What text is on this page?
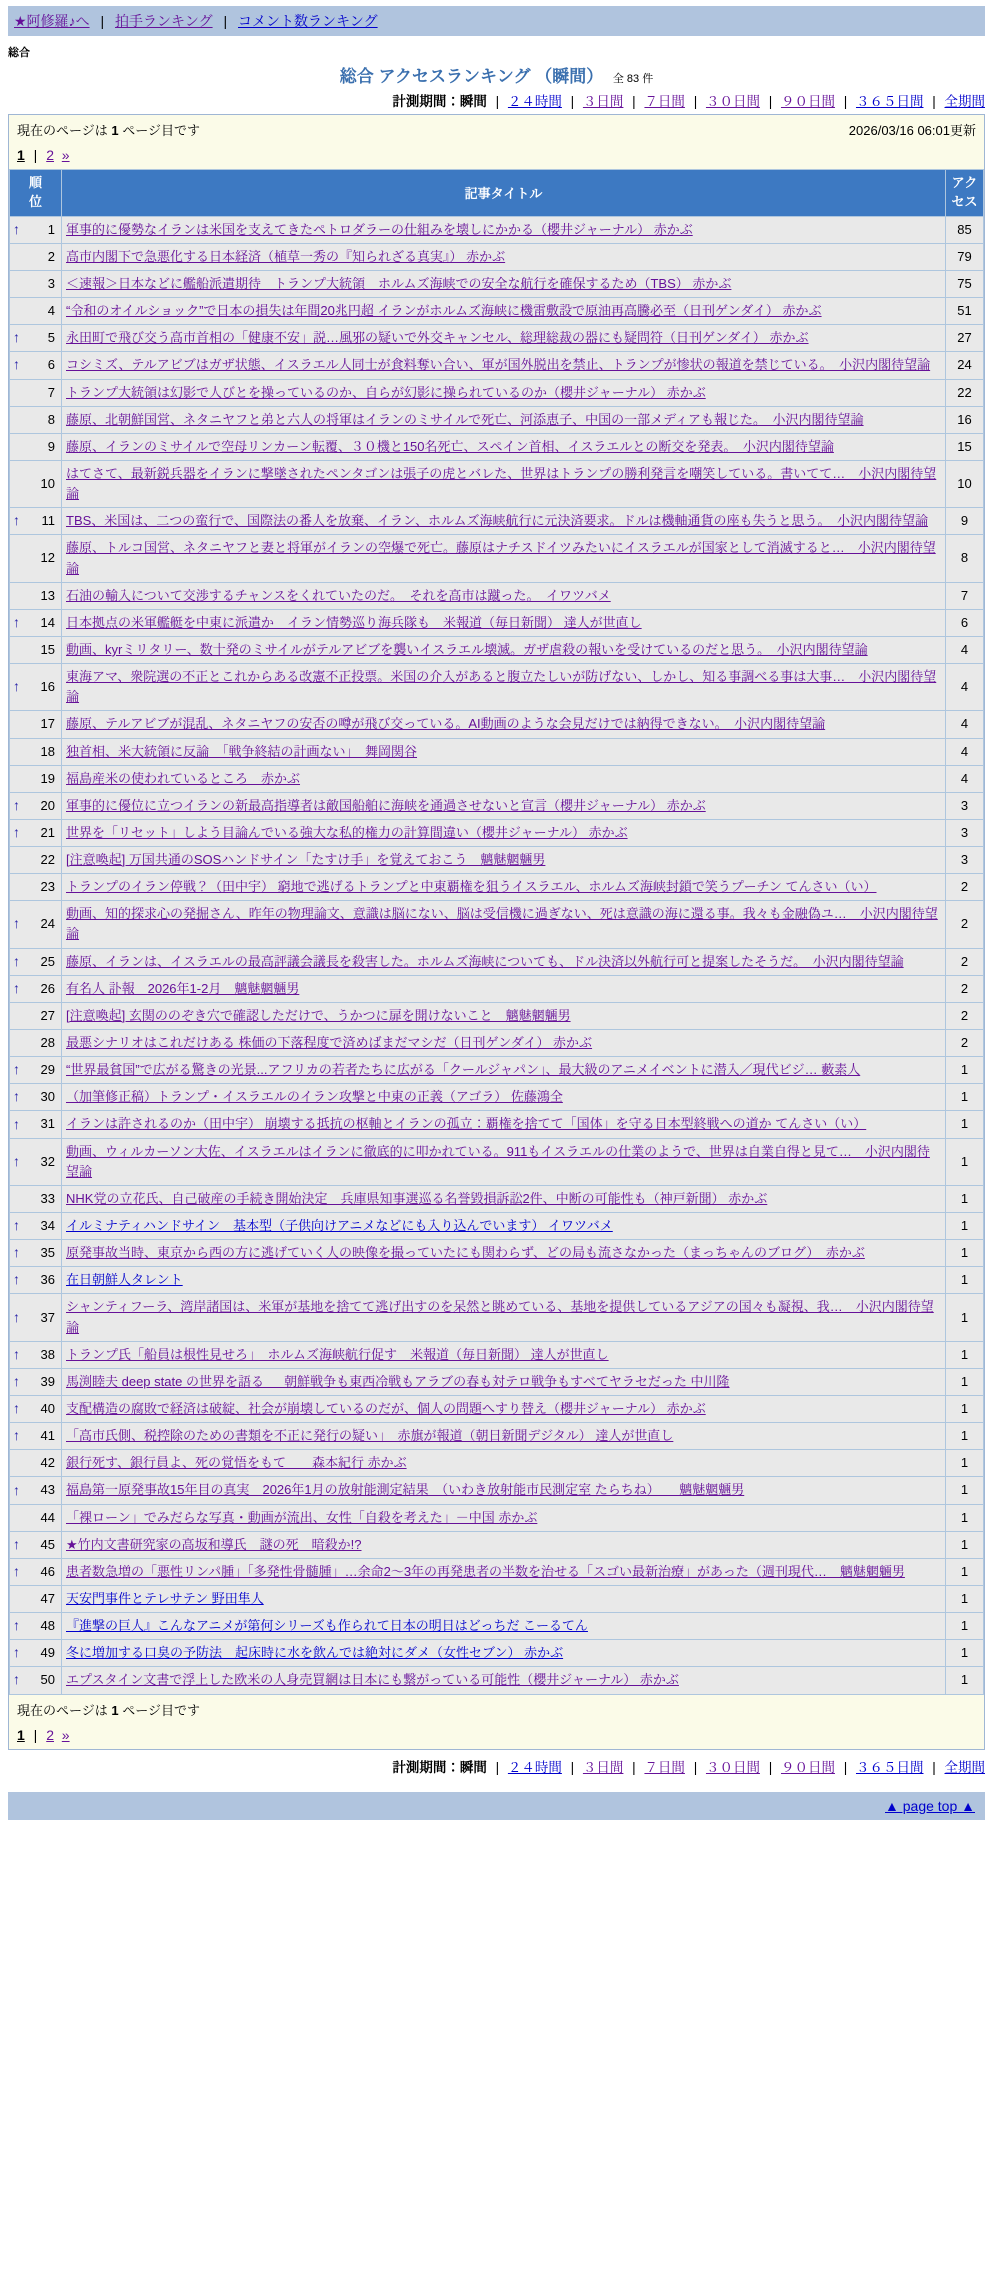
★阿修羅♪へ | 拍手ランキング | コメント数ランキング
総合
総合 アクセスランキング （瞬間） 全 83 件
計測期間：瞬間 | ２４時間 | ３日間 | ７日間 | ３０日間 | ９０日間 | ３６５日間 | 全期間
現在のページは 1 ページ目です	2026/03/16 06:01更新
1 | 2 »
順位	記事タイトル	アクセス

↑ 1	軍事的に優勢なイランは米国を支えてきたペトロダラーの仕組みを壊しにかかる（櫻井ジャーナル） 赤かぶ	85
2	高市内閣下で急悪化する日本経済（植草一秀の『知られざる真実』） 赤かぶ	79
3	＜速報＞日本などに艦船派遣期待　トランプ大統領　ホルムズ海峡での安全な航行を確保するため（TBS） 赤かぶ	75
4	“令和のオイルショック”で日本の損失は年間20兆円超 イランがホルムズ海峡に機雷敷設で原油再高騰必至（日刊ゲンダイ） 赤かぶ	51

↑ 5	永田町で飛び交う高市首相の「健康不安」説…風邪の疑いで外交キャンセル、総理総裁の器にも疑問符（日刊ゲンダイ） 赤かぶ	27

↑ 6	コシミズ、テルアビブはガザ状態、イスラエル人同士が食料奪い合い、軍が国外脱出を禁止、トランプが惨状の報道を禁じている。　小沢内閣待望論	24
7	トランプ大統領は幻影で人びとを操っているのか、自らが幻影に操られているのか（櫻井ジャーナル） 赤かぶ	22
8	藤原、北朝鮮国営、ネタニヤフと弟と六人の将軍はイランのミサイルで死亡、河添恵子、中国の一部メディアも報じた。　小沢内閣待望論	16
9	藤原、イランのミサイルで空母リンカーン転覆、３０機と150名死亡、スペイン首相、イスラエルとの断交を発表。　小沢内閣待望論	15
10	はてさて、最新鋭兵器をイランに撃墜されたペンタゴンは張子の虎とバレた、世界はトランプの勝利発言を嘲笑している。書いてて…　小沢内閣待望論	10

↑ 11	TBS、米国は、二つの蛮行で、国際法の番人を放棄、イラン、ホルムズ海峡航行に元決済要求。ドルは機軸通貨の座も失うと思う。　小沢内閣待望論	9
12	藤原、トルコ国営、ネタニヤフと妻と将軍がイランの空爆で死亡。藤原はナチスドイツみたいにイスラエルが国家として消滅すると…　小沢内閣待望論	8
13	石油の輸入について交渉するチャンスをくれていたのだ。　それを高市は蹴った。　イワツバメ	7

↑ 14	日本拠点の米軍艦艇を中東に派遣か　イラン情勢巡り海兵隊も　米報道（毎日新聞） 達人が世直し	6
15	動画、kyrミリタリー、数十発のミサイルがテルアビブを襲いイスラエル壊滅。ガザ虐殺の報いを受けているのだと思う。　小沢内閣待望論	4

↑ 16	東海アマ、衆院選の不正とこれからある改憲不正投票。米国の介入があると腹立たしいが防げない、しかし、知る事調べる事は大事…　小沢内閣待望論	4
17	藤原、テルアビブが混乱、ネタニヤフの安否の噂が飛び交っている。AI動画のような会見だけでは納得できない。　小沢内閣待望論	4
18	独首相、米大統領に反論　「戦争終結の計画ない」　舞岡関谷	4
19	福島産米の使われているところ　赤かぶ	4

↑ 20	軍事的に優位に立つイランの新最高指導者は敵国船舶に海峡を通過させないと宣言（櫻井ジャーナル） 赤かぶ	3

↑ 21	世界を「リセット」しよう目論んでいる強大な私的権力の計算間違い（櫻井ジャーナル） 赤かぶ	3
22	[注意喚起] 万国共通のSOSハンドサイン「たすけ手」を覚えておこう　魑魅魍魎男	3
23	トランプのイラン停戦？（田中宇） 窮地で逃げるトランプと中東覇権を狙うイスラエル、ホルムズ海峡封鎖で笑うプーチン てんさい（い）	2

↑ 24	動画、知的探求心の発掘さん、昨年の物理論文、意識は脳にない、脳は受信機に過ぎない、死は意識の海に還る事。我々も金融偽ユ…　小沢内閣待望論	2

↑ 25	藤原、イランは、イスラエルの最高評議会議長を殺害した。ホルムズ海峡についても、ドル決済以外航行可と提案したそうだ。　小沢内閣待望論	2

↑ 26	有名人 訃報　2026年1-2月　魑魅魍魎男	2
27	[注意喚起] 玄関ののぞき穴で確認しただけで、うかつに扉を開けないこと　魑魅魍魎男	2
28	最悪シナリオはこれだけある 株価の下落程度で済めばまだマシだ（日刊ゲンダイ） 赤かぶ	2

↑ 29	“世界最貧国”で広がる驚きの光景...アフリカの若者たちに広がる「クールジャパン」、最大級のアニメイベントに潜入／現代ビジ… 藪素人	1

↑ 30	（加筆修正稿）トランプ・イスラエルのイラン攻撃と中東の正義（アゴラ） 佐藤鴻全	1

↑ 31	イランは許されるのか（田中宇） 崩壊する抵抗の枢軸とイランの孤立：覇権を捨てて「国体」を守る日本型終戦への道か てんさい（い）	1

↑ 32	動画、ウィルカーソン大佐、イスラエルはイランに徹底的に叩かれている。911もイスラエルの仕業のようで、世界は自業自得と見て…　小沢内閣待望論	1
33	NHK党の立花氏、自己破産の手続き開始決定　兵庫県知事選巡る名誉毀損訴訟2件、中断の可能性も（神戸新聞） 赤かぶ	1

↑ 34	イルミナティハンドサイン　基本型（子供向けアニメなどにも入り込んでいます） イワツバメ	1

↑ 35	原発事故当時、東京から西の方に逃げていく人の映像を撮っていたにも関わらず、どの局も流さなかった（まっちゃんのブログ）　赤かぶ	1

↑ 36	在日朝鮮人タレント	1

↑ 37	シャンティフーラ、湾岸諸国は、米軍が基地を捨てて逃げ出すのを呆然と眺めている、基地を提供しているアジアの国々も凝視、我…　小沢内閣待望論	1

↑ 38	トランプ氏「船員は根性見せろ」　ホルムズ海峡航行促す　米報道（毎日新聞） 達人が世直し	1

↑ 39	馬渕睦夫 deep state の世界を語る ＿ 朝鮮戦争も東西冷戦もアラブの春も対テロ戦争もすべてヤラセだった 中川隆	1

↑ 40	支配構造の腐敗で経済は破綻、社会が崩壊しているのだが、個人の問題へすり替え（櫻井ジャーナル） 赤かぶ	1

↑ 41	「高市氏側、税控除のための書類を不正に発行の疑い」　赤旗が報道（朝日新聞デジタル） 達人が世直し	1
42	銀行死す、銀行員よ、死の覚悟をもて　　森本紀行 赤かぶ	1

↑ 43	福島第一原発事故15年目の真実　2026年1月の放射能測定結果　（いわき放射能市民測定室 たらちね）　　魑魅魍魎男	1
44	「裸ローン」でみだらな写真・動画が流出、女性「自殺を考えた」－中国 赤かぶ	1

↑ 45	★竹内文書研究家の高坂和導氏　謎の死　暗殺か!?	1

↑ 46	患者数急増の「悪性リンパ腫」「多発性骨髄腫」…余命2～3年の再発患者の半数を治せる「スゴい最新治療」があった（週刊現代…　魑魅魍魎男	1
47	天安門事件とテレサテン 野田隼人	1

↑ 48	『進撃の巨人』こんなアニメが第何シリーズも作られて日本の明日はどっちだ こーるてん	1

↑ 49	冬に増加する口臭の予防法　起床時に水を飲んでは絶対にダメ（女性セブン） 赤かぶ	1

↑ 50	エプスタイン文書で浮上した欧米の人身売買網は日本にも繋がっている可能性（櫻井ジャーナル） 赤かぶ	1
現在のページは 1 ページ目です
1 | 2 »
計測期間：瞬間 | ２４時間 | ３日間 | ７日間 | ３０日間 | ９０日間 | ３６５日間 | 全期間
▲ page top ▲
